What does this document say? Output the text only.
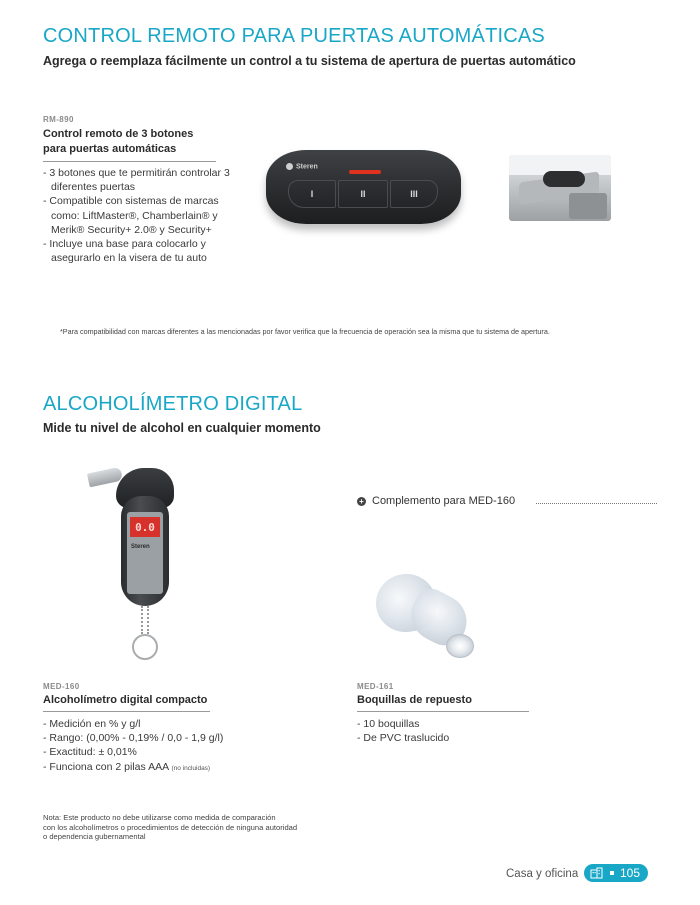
CONTROL REMOTO PARA PUERTAS AUTOMÁTICAS
Agrega o reemplaza fácilmente un control a tu sistema de apertura de puertas automático
RM-890
Control remoto de 3 botones
para puertas automáticas
- 3 botones que te permitirán controlar 3 diferentes puertas
- Compatible con sistemas de marcas como: LiftMaster®, Chamberlain® y Merik® Security+ 2.0® y Security+
- Incluye una base para colocarlo y asegurarlo en la visera de tu auto
Steren
I	II	III
*Para compatibilidad con marcas diferentes a las mencionadas por favor verifica que la frecuencia de operación sea la misma que tu sistema de apertura.
ALCOHOLÍMETRO DIGITAL
Mide tu nivel de alcohol en cualquier momento
0.0
Steren
+ Complemento para MED-160
MED-160
Alcoholímetro digital compacto
- Medición en % y g/l
- Rango: (0,00% - 0,19% / 0,0 - 1,9 g/l)
- Exactitud: ± 0,01%
- Funciona con 2 pilas AAA (no incluidas)
MED-161
Boquillas de repuesto
- 10 boquillas
- De PVC traslucido
Nota: Este producto no debe utilizarse como medida de comparación
con los alcoholímetros o procedimientos de detección de ninguna autoridad
o dependencia gubernamental
Casa y oficina	105
